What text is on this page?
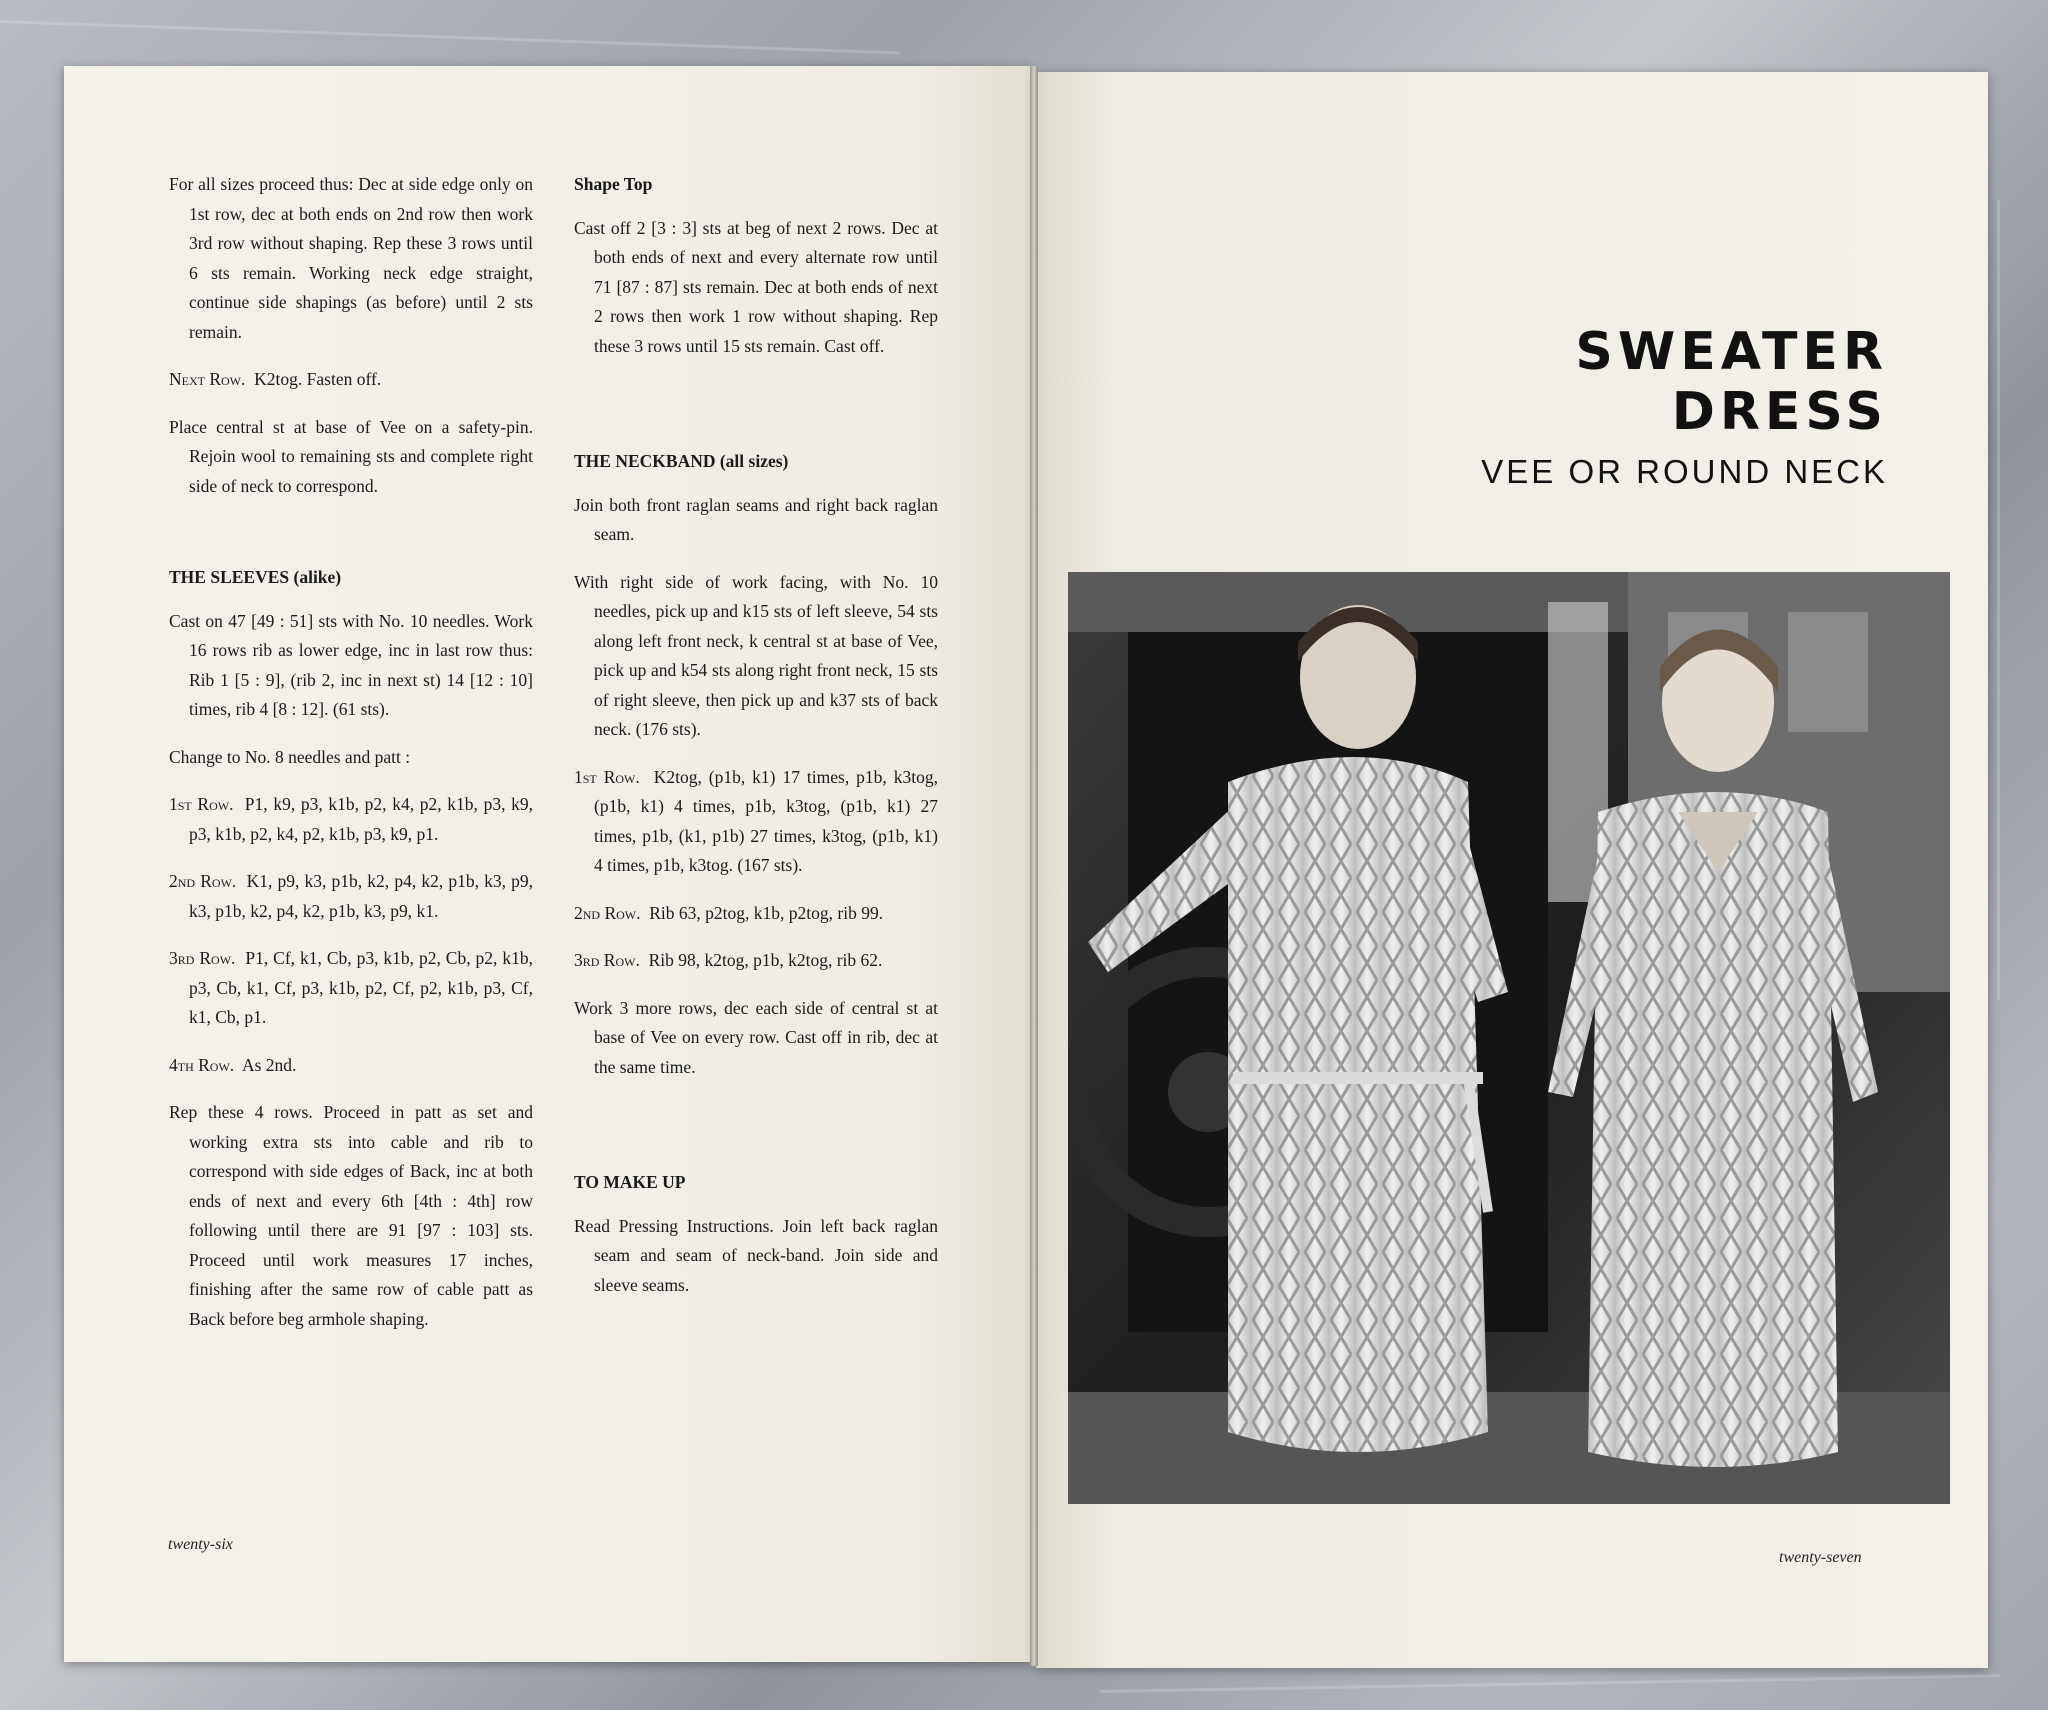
For all sizes proceed thus: Dec at side edge only on 1st row, dec at both ends on 2nd row then work 3rd row without shaping. Rep these 3 rows until 6 sts remain. Working neck edge straight, continue side shapings (as before) until 2 sts remain.

Next Row. K2tog. Fasten off.

Place central st at base of Vee on a safety-pin. Rejoin wool to remaining sts and complete right side of neck to correspond.

THE SLEEVES (alike)

Cast on 47 [49 : 51] sts with No. 10 needles. Work 16 rows rib as lower edge, inc in last row thus: Rib 1 [5 : 9], (rib 2, inc in next st) 14 [12 : 10] times, rib 4 [8 : 12]. (61 sts).

Change to No. 8 needles and patt :

1st Row. P1, k9, p3, k1b, p2, k4, p2, k1b, p3, k9, p3, k1b, p2, k4, p2, k1b, p3, k9, p1.

2nd Row. K1, p9, k3, p1b, k2, p4, k2, p1b, k3, p9, k3, p1b, k2, p4, k2, p1b, k3, p9, k1.

3rd Row. P1, Cf, k1, Cb, p3, k1b, p2, Cb, p2, k1b, p3, Cb, k1, Cf, p3, k1b, p2, Cf, p2, k1b, p3, Cf, k1, Cb, p1.

4th Row. As 2nd.

Rep these 4 rows. Proceed in patt as set and working extra sts into cable and rib to correspond with side edges of Back, inc at both ends of next and every 6th [4th : 4th] row following until there are 91 [97 : 103] sts. Proceed until work measures 17 inches, finishing after the same row of cable patt as Back before beg armhole shaping.

Shape Top

Cast off 2 [3 : 3] sts at beg of next 2 rows. Dec at both ends of next and every alternate row until 71 [87 : 87] sts remain. Dec at both ends of next 2 rows then work 1 row without shaping. Rep these 3 rows until 15 sts remain. Cast off.

THE NECKBAND (all sizes)

Join both front raglan seams and right back raglan seam.

With right side of work facing, with No. 10 needles, pick up and k15 sts of left sleeve, 54 sts along left front neck, k central st at base of Vee, pick up and k54 sts along right front neck, 15 sts of right sleeve, then pick up and k37 sts of back neck. (176 sts).

1st Row. K2tog, (p1b, k1) 17 times, p1b, k3tog, (p1b, k1) 4 times, p1b, k3tog, (p1b, k1) 27 times, p1b, (k1, p1b) 27 times, k3tog, (p1b, k1) 4 times, p1b, k3tog. (167 sts).

2nd Row. Rib 63, p2tog, k1b, p2tog, rib 99.

3rd Row. Rib 98, k2tog, p1b, k2tog, rib 62.

Work 3 more rows, dec each side of central st at base of Vee on every row. Cast off in rib, dec at the same time.

TO MAKE UP

Read Pressing Instructions. Join left back raglan seam and seam of neck-band. Join side and sleeve seams.

twenty-six
SWEATER
DRESS
VEE OR ROUND NECK
twenty-seven
